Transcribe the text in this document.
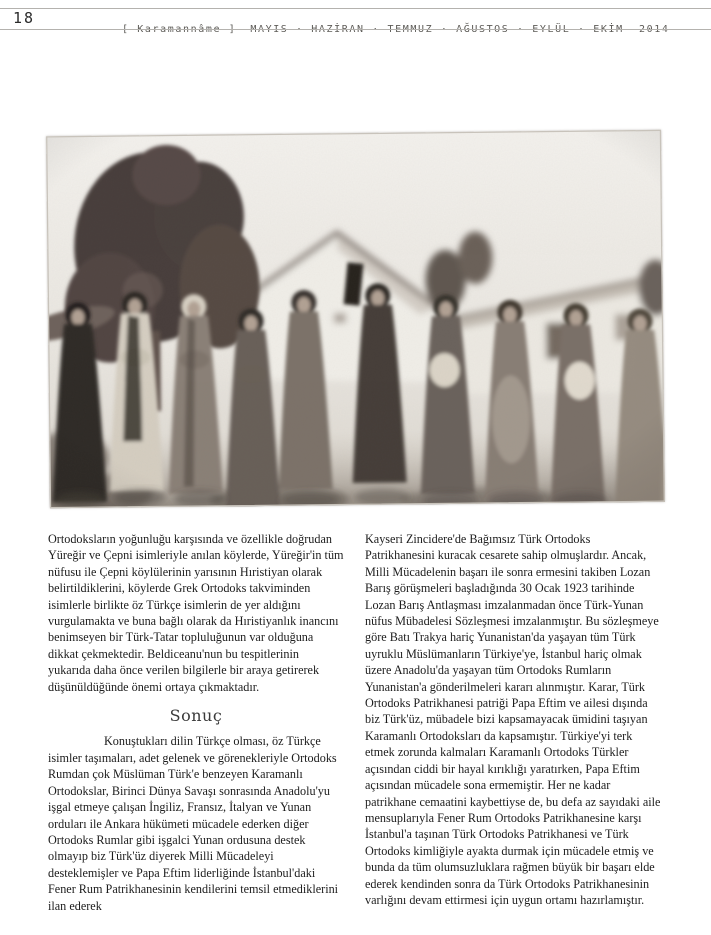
18

[ Karamannâme ] MAYIS · HAZİRAN · TEMMUZ · AĞUSTOS · EYLÜL · EKİM  2014

Ortodoksların yoğunluğu karşısında ve özellikle doğrudan Yüreğir ve Çepni isimleriyle anılan köylerde, Yüreğir'in tüm nüfusu ile Çepni köylülerinin yarısının Hıristiyan olarak belirtildiklerini, köylerde Grek Ortodoks takviminden isimlerle birlikte öz Türkçe isimlerin de yer aldığını vurgulamakta ve buna bağlı olarak da Hıristiyanlık inancını benimseyen bir Türk-Tatar topluluğunun var olduğuna dikkat çekmektedir. Beldiceanu'nun bu tespitlerinin yukarıda daha önce verilen bilgilerle bir araya getirerek düşünüldüğünde önemi ortaya çıkmaktadır.

Sonuç

Konuştukları dilin Türkçe olması, öz Türkçe isimler taşımaları, adet gelenek ve görenekleriyle Ortodoks Rumdan çok Müslüman Türk'e benzeyen Karamanlı Ortodokslar, Birinci Dünya Savaşı sonrasında Anadolu'yu işgal etmeye çalışan İngiliz, Fransız, İtalyan ve Yunan orduları ile Ankara hükümeti mücadele ederken diğer Ortodoks Rumlar gibi işgalci Yunan ordusuna destek olmayıp biz Türk'üz diyerek Milli Mücadeleyi desteklemişler ve Papa Eftim liderliğinde İstanbul'daki Fener Rum Patrikhanesinin kendilerini temsil etmediklerini ilan ederek

Kayseri Zincidere'de Bağımsız Türk Ortodoks Patrikhanesini kuracak cesarete sahip olmuşlardır. Ancak, Milli Mücadelenin başarı ile sonra ermesini takiben Lozan Barış görüşmeleri başladığında 30 Ocak 1923 tarihinde Lozan Barış Antlaşması imzalanmadan önce Türk-Yunan nüfus Mübadelesi Sözleşmesi imzalanmıştır. Bu sözleşmeye göre Batı Trakya hariç Yunanistan'da yaşayan tüm Türk uyruklu Müslümanların Türkiye'ye, İstanbul hariç olmak üzere Anadolu'da yaşayan tüm Ortodoks Rumların Yunanistan'a gönderilmeleri kararı alınmıştır. Karar, Türk Ortodoks Patrikhanesi patriği Papa Eftim ve ailesi dışında biz Türk'üz, mübadele bizi kapsamayacak ümidini taşıyan Karamanlı Ortodoksları da kapsamıştır. Türkiye'yi terk etmek zorunda kalmaları Karamanlı Ortodoks Türkler açısından ciddi bir hayal kırıklığı yaratırken, Papa Eftim açısından mücadele sona ermemiştir. Her ne kadar patrikhane cemaatini kaybettiyse de, bu defa az sayıdaki aile mensuplarıyla Fener Rum Ortodoks Patrikhanesine karşı İstanbul'a taşınan Türk Ortodoks Patrikhanesi ve Türk Ortodoks kimliğiyle ayakta durmak için mücadele etmiş ve bunda da tüm olumsuzluklara rağmen büyük bir başarı elde ederek kendinden sonra da Türk Ortodoks Patrikhanesinin varlığını devam ettirmesi için uygun ortamı hazırlamıştır.
